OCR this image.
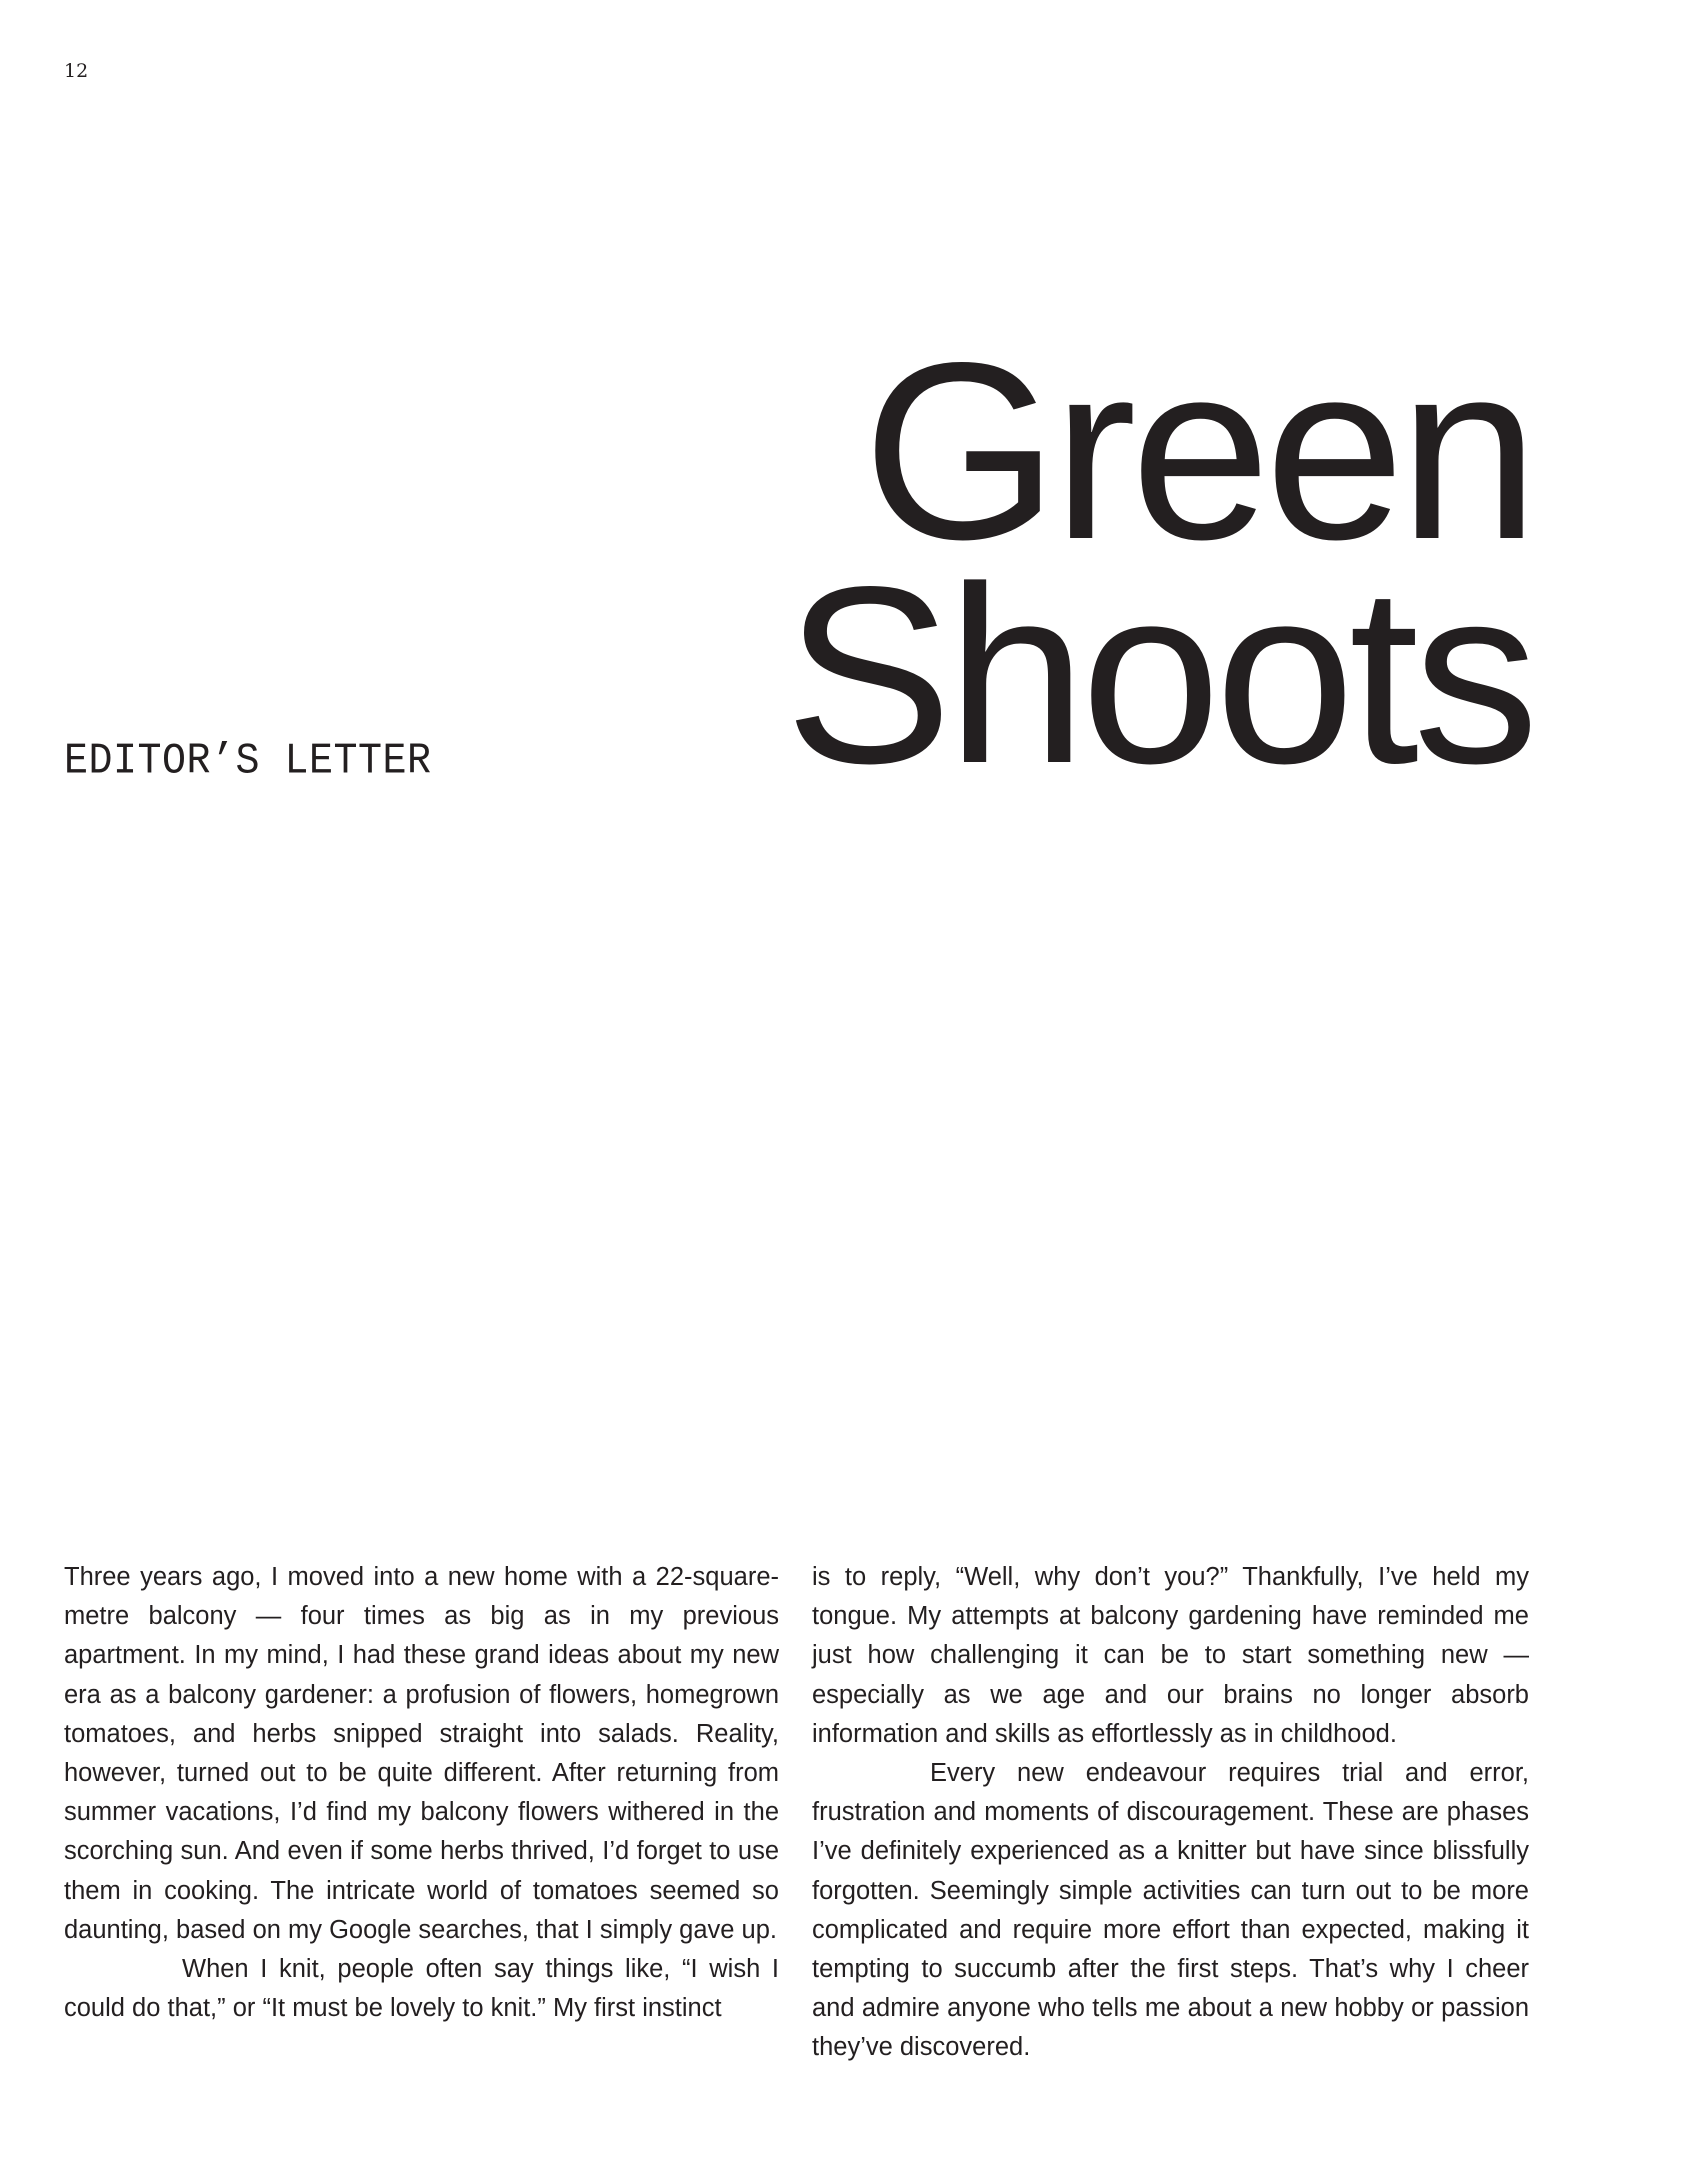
12
EDITOR’S LETTER
Green
Shoots

Three years ago, I moved into a new home with a 22-square-metre balcony — four times as big as in my previous apartment. In my mind, I had these grand ideas about my new era as a balcony gardener: a profusion of flowers, homegrown tomatoes, and herbs snipped straight into salads. Reality, however, turned out to be quite different. After returning from summer vacations, I’d find my balcony flowers withered in the scorching sun. And even if some herbs thrived, I’d forget to use them in cooking. The intricate world of tomatoes seemed so daunting, based on my Google searches, that I simply gave up.

When I knit, people often say things like, “I wish I could do that,” or “It must be lovely to knit.” My first instinct

is to reply, “Well, why don’t you?” Thankfully, I’ve held my tongue. My attempts at balcony gardening have reminded me just how challenging it can be to start something new — especially as we age and our brains no longer absorb information and skills as effortlessly as in childhood.

Every new endeavour requires trial and error, frustration and moments of discouragement. These are phases I’ve definitely experienced as a knitter but have since blissfully forgotten. Seemingly simple activities can turn out to be more complicated and require more effort than expected, making it tempting to succumb after the first steps. That’s why I cheer and admire anyone who tells me about a new hobby or passion they’ve discovered.
